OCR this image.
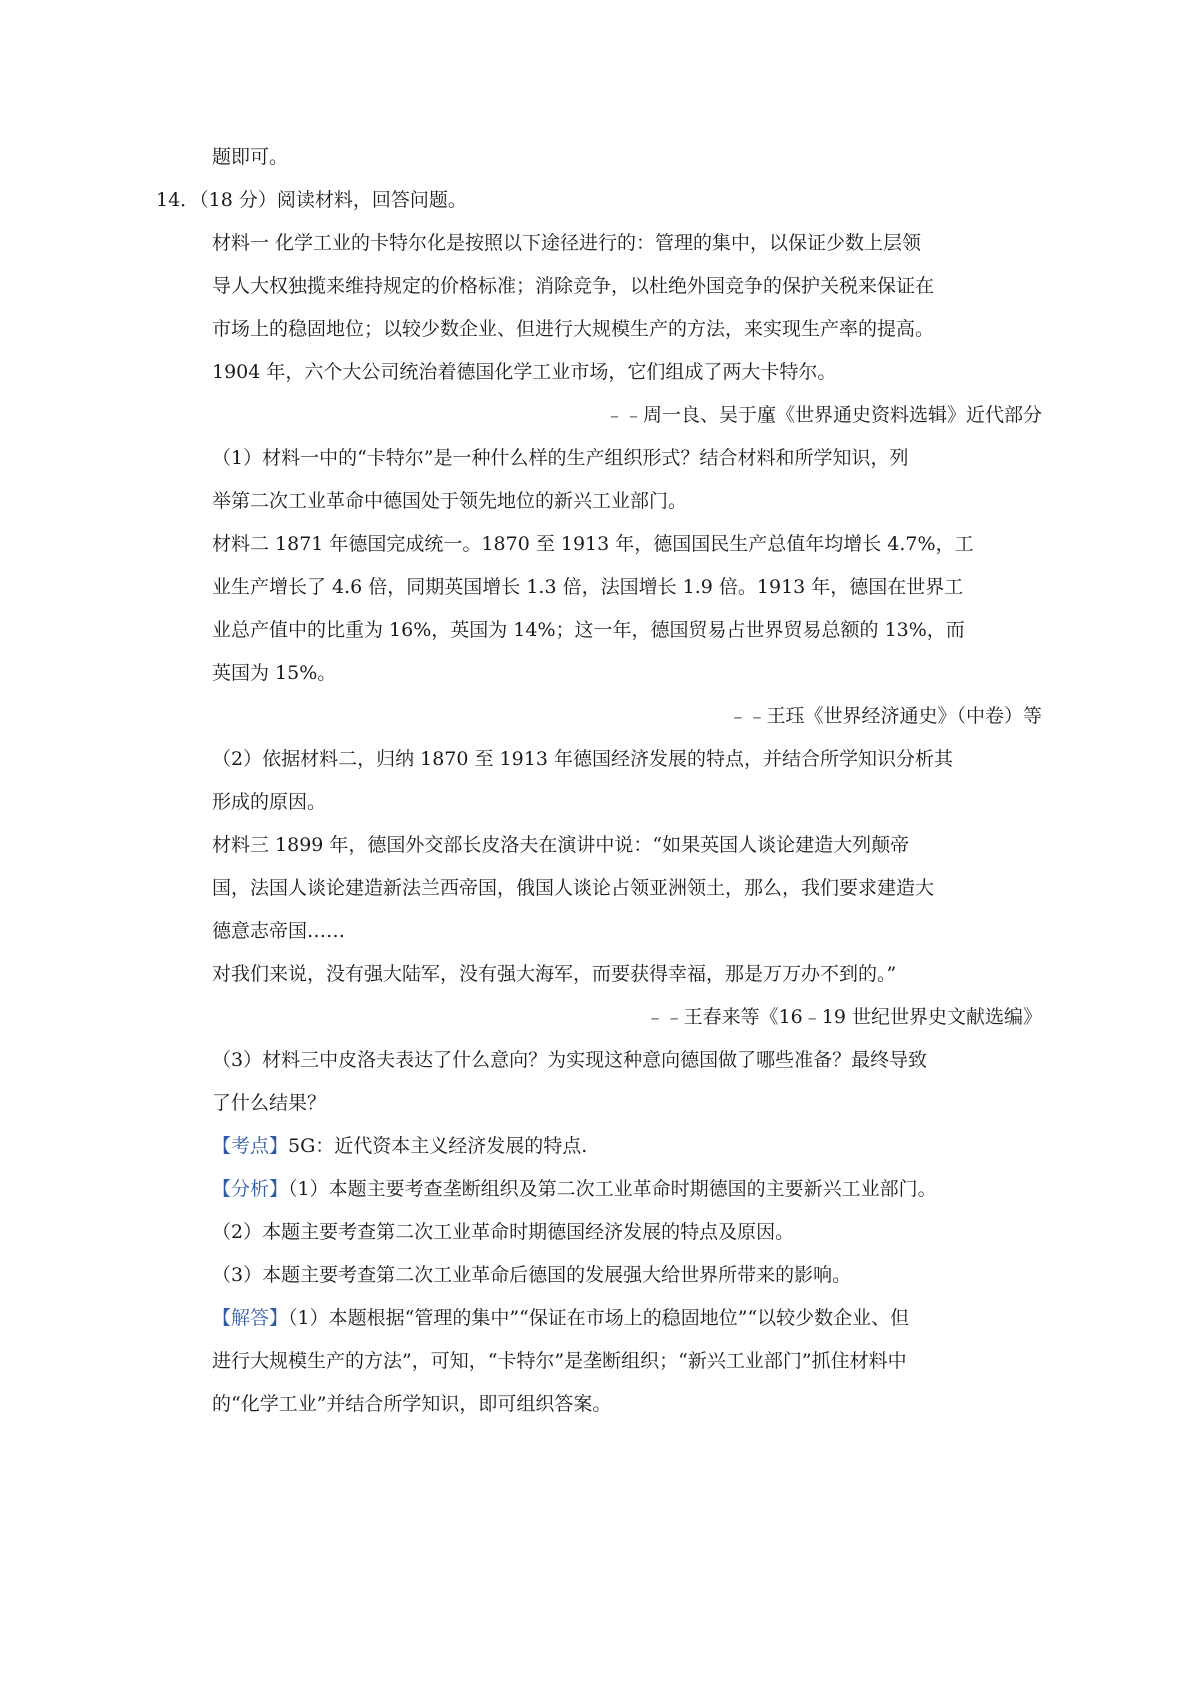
题即可。
14．（18 分）阅读材料，回答问题。
材料一 化学工业的卡特尔化是按照以下途径进行的：管理的集中，以保证少数上层领
导人大权独揽来维持规定的价格标准；消除竞争，以杜绝外国竞争的保护关税来保证在
市场上的稳固地位；以较少数企业、但进行大规模生产的方法，来实现生产率的提高。
1904 年，六个大公司统治着德国化学工业市场，它们组成了两大卡特尔。
﹣﹣周一良、吴于廑《世界通史资料选辑》近代部分
（1）材料一中的“卡特尔”是一种什么样的生产组织形式？结合材料和所学知识，列
举第二次工业革命中德国处于领先地位的新兴工业部门。
材料二 1871 年德国完成统一。1870 至 1913 年，德国国民生产总值年均增长 4.7%，工
业生产增长了 4.6 倍，同期英国增长 1.3 倍，法国增长 1.9 倍。1913 年，德国在世界工
业总产值中的比重为 16%，英国为 14%；这一年，德国贸易占世界贸易总额的 13%，而
英国为 15%。
﹣﹣王珏《世界经济通史》（中卷）等
（2）依据材料二，归纳 1870 至 1913 年德国经济发展的特点，并结合所学知识分析其
形成的原因。
材料三 1899 年，德国外交部长皮洛夫在演讲中说：“如果英国人谈论建造大列颠帝
国，法国人谈论建造新法兰西帝国，俄国人谈论占领亚洲领土，那么，我们要求建造大
德意志帝国……
对我们来说，没有强大陆军，没有强大海军，而要获得幸福，那是万万办不到的。”
﹣﹣王春来等《16﹣19 世纪世界史文献选编》
（3）材料三中皮洛夫表达了什么意向？为实现这种意向德国做了哪些准备？最终导致
了什么结果？
【考点】5G：近代资本主义经济发展的特点.
【分析】（1）本题主要考查垄断组织及第二次工业革命时期德国的主要新兴工业部门。
（2）本题主要考查第二次工业革命时期德国经济发展的特点及原因。
（3）本题主要考查第二次工业革命后德国的发展强大给世界所带来的影响。
【解答】（1）本题根据“管理的集中”“保证在市场上的稳固地位”“以较少数企业、但
进行大规模生产的方法”，可知，“卡特尔”是垄断组织；“新兴工业部门”抓住材料中
的“化学工业”并结合所学知识，即可组织答案。
